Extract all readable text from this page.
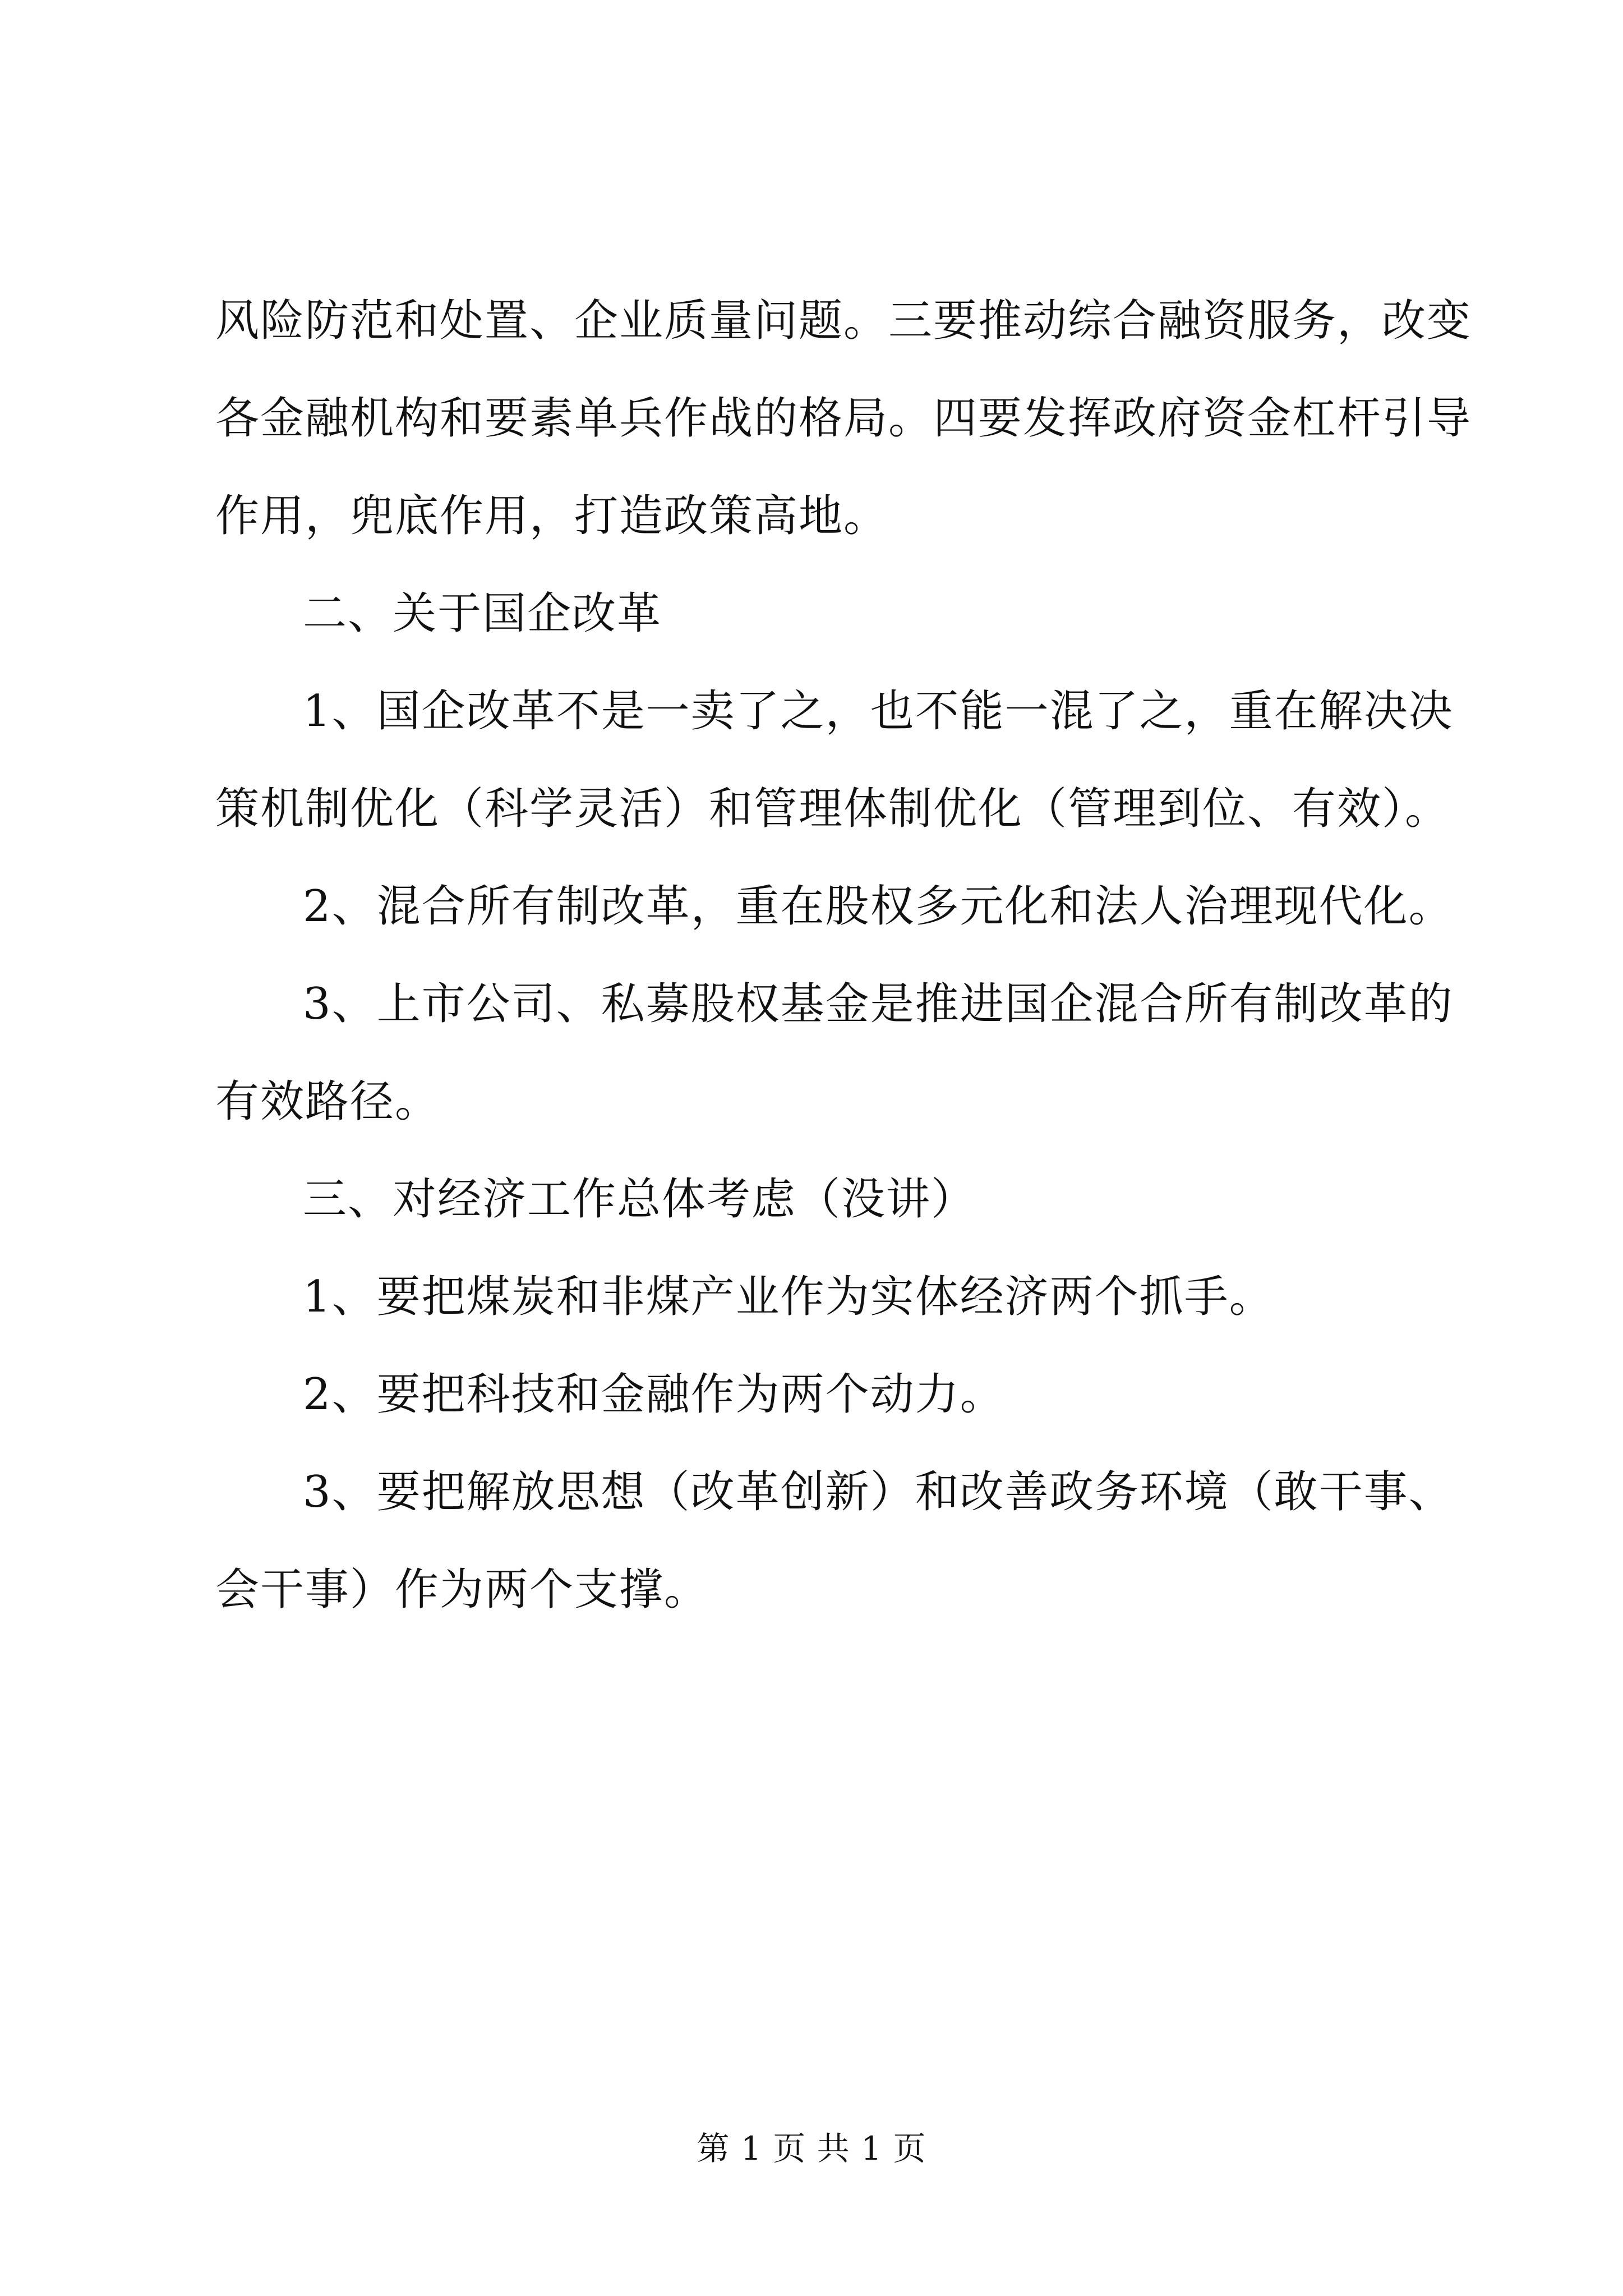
风险防范和处置、企业质量问题。三要推动综合融资服务，改变

各金融机构和要素单兵作战的格局。四要发挥政府资金杠杆引导

作用，兜底作用，打造政策高地。

二、关于国企改革

1、国企改革不是一卖了之，也不能一混了之，重在解决决

策机制优化（科学灵活）和管理体制优化（管理到位、有效）。

2、混合所有制改革，重在股权多元化和法人治理现代化。

3、上市公司、私募股权基金是推进国企混合所有制改革的

有效路径。

三、对经济工作总体考虑（没讲）

1、要把煤炭和非煤产业作为实体经济两个抓手。

2、要把科技和金融作为两个动力。

3、要把解放思想（改革创新）和改善政务环境（敢干事、

会干事）作为两个支撑。

第 1 页 共 1 页
